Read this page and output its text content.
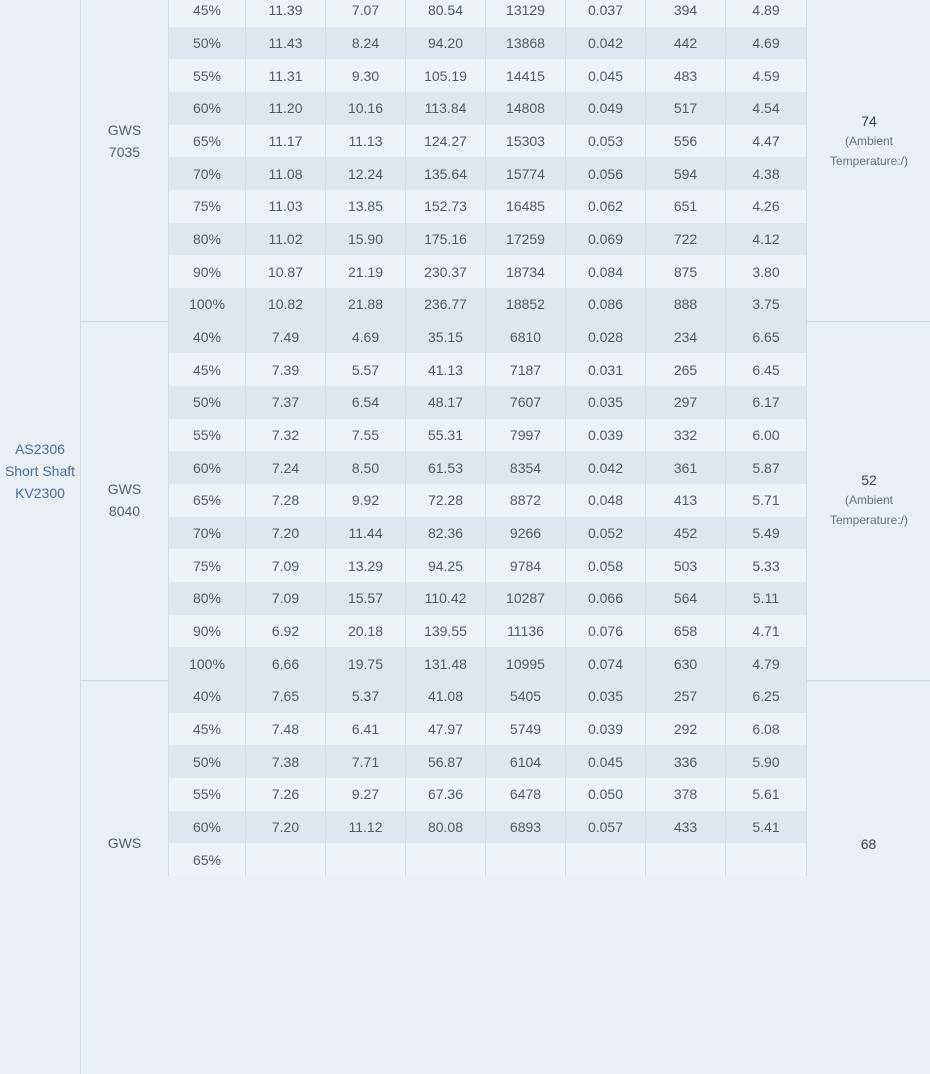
AS2306
Short Shaft
KV2300
GWS
7035
45%	11.39	7.07	80.54	13129	0.037	394	4.89
50%	11.43	8.24	94.20	13868	0.042	442	4.69
55%	11.31	9.30	105.19	14415	0.045	483	4.59
60%	11.20	10.16	113.84	14808	0.049	517	4.54
65%	11.17	11.13	124.27	15303	0.053	556	4.47
70%	11.08	12.24	135.64	15774	0.056	594	4.38
75%	11.03	13.85	152.73	16485	0.062	651	4.26
80%	11.02	15.90	175.16	17259	0.069	722	4.12
90%	10.87	21.19	230.37	18734	0.084	875	3.80
100%	10.82	21.88	236.77	18852	0.086	888	3.75
74
(Ambient Temperature:/)
GWS
8040
40%	7.49	4.69	35.15	6810	0.028	234	6.65
45%	7.39	5.57	41.13	7187	0.031	265	6.45
50%	7.37	6.54	48.17	7607	0.035	297	6.17
55%	7.32	7.55	55.31	7997	0.039	332	6.00
60%	7.24	8.50	61.53	8354	0.042	361	5.87
65%	7.28	9.92	72.28	8872	0.048	413	5.71
70%	7.20	11.44	82.36	9266	0.052	452	5.49
75%	7.09	13.29	94.25	9784	0.058	503	5.33
80%	7.09	15.57	110.42	10287	0.066	564	5.11
90%	6.92	20.18	139.55	11136	0.076	658	4.71
100%	6.66	19.75	131.48	10995	0.074	630	4.79
52
(Ambient Temperature:/)
GWS
40%	7.65	5.37	41.08	5405	0.035	257	6.25
45%	7.48	6.41	47.97	5749	0.039	292	6.08
50%	7.38	7.71	56.87	6104	0.045	336	5.90
55%	7.26	9.27	67.36	6478	0.050	378	5.61
60%	7.20	11.12	80.08	6893	0.057	433	5.41
65%
68
